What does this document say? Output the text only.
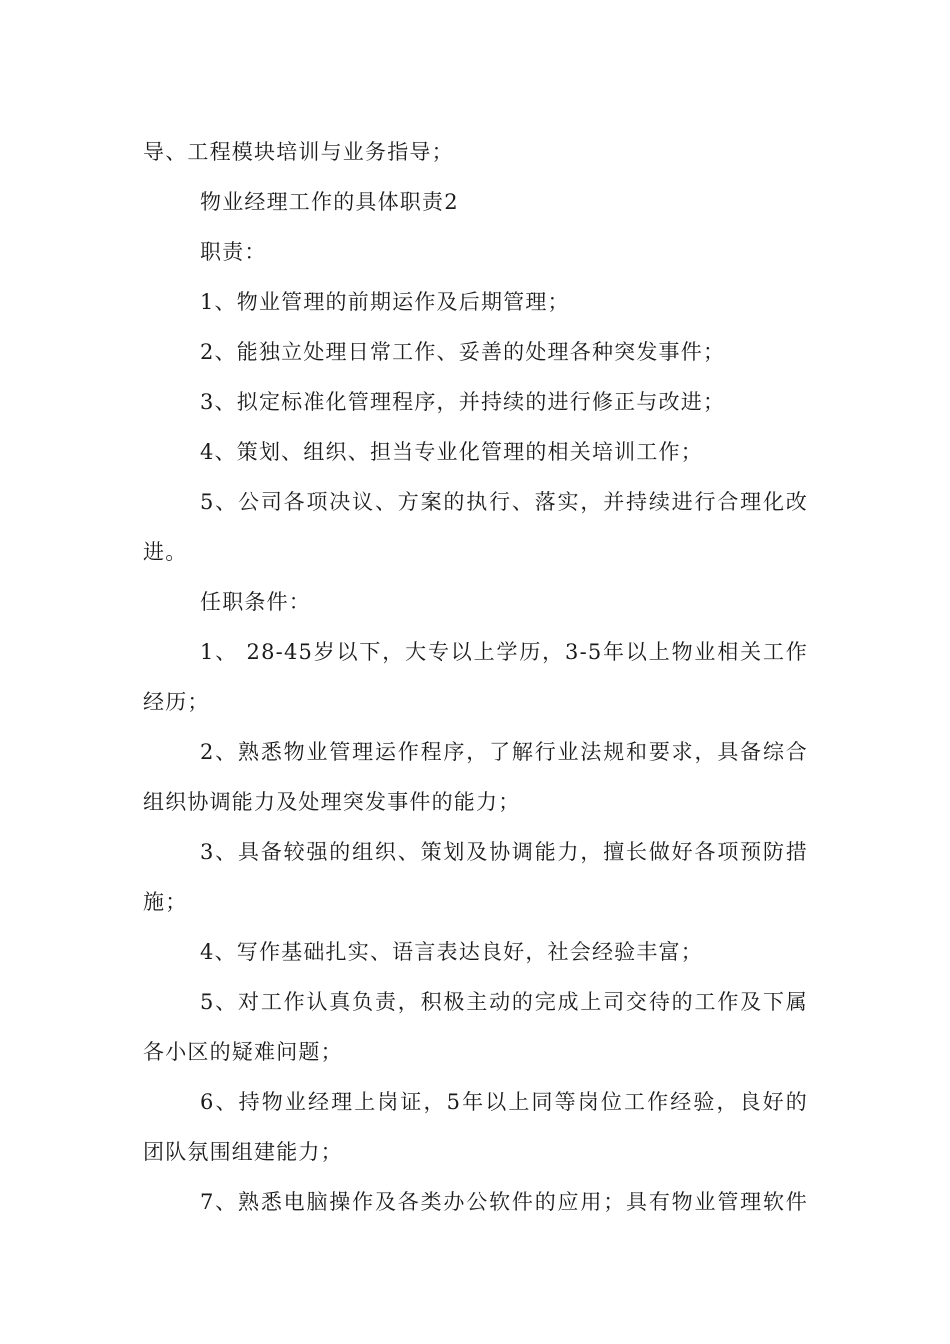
导、工程模块培训与业务指导；
物业经理工作的具体职责2
职责：
1、物业管理的前期运作及后期管理；
2、能独立处理日常工作、妥善的处理各种突发事件；
3、拟定标准化管理程序，并持续的进行修正与改进；
4、策划、组织、担当专业化管理的相关培训工作；
5、公司各项决议、方案的执行、落实，并持续进行合理化改
进。
任职条件：
1、 28-45岁以下，大专以上学历，3-5年以上物业相关工作
经历；
2、熟悉物业管理运作程序，了解行业法规和要求，具备综合
组织协调能力及处理突发事件的能力；
3、具备较强的组织、策划及协调能力，擅长做好各项预防措
施；
4、写作基础扎实、语言表达良好，社会经验丰富；
5、对工作认真负责，积极主动的完成上司交待的工作及下属
各小区的疑难问题；
6、持物业经理上岗证，5年以上同等岗位工作经验，良好的
团队氛围组建能力；
7、熟悉电脑操作及各类办公软件的应用；具有物业管理软件
